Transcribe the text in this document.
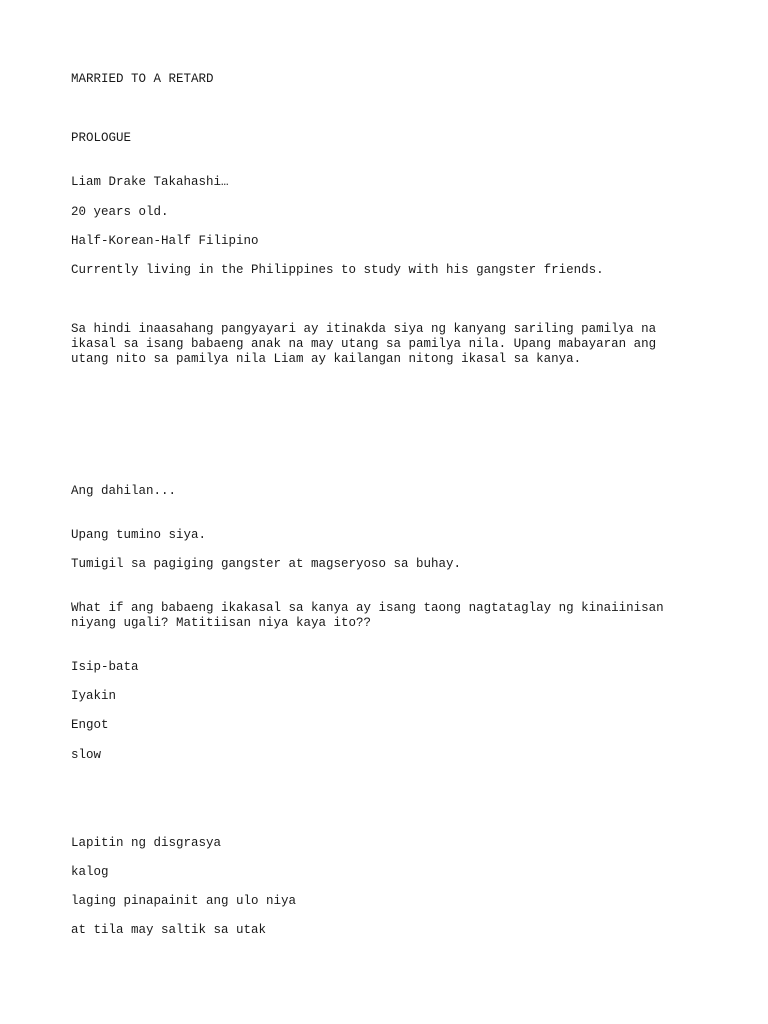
MARRIED TO A RETARD

PROLOGUE

Liam Drake Takahashi…

20 years old.

Half-Korean-Half Filipino

Currently living in the Philippines to study with his gangster friends.

Sa hindi inaasahang pangyayari ay itinakda siya ng kanyang sariling pamilya na

ikasal sa isang babaeng anak na may utang sa pamilya nila. Upang mabayaran ang

utang nito sa pamilya nila Liam ay kailangan nitong ikasal sa kanya.

Ang dahilan...

Upang tumino siya.

Tumigil sa pagiging gangster at magseryoso sa buhay.

What if ang babaeng ikakasal sa kanya ay isang taong nagtataglay ng kinaiinisan

niyang ugali? Matitiisan niya kaya ito??

Isip-bata

Iyakin

Engot

slow

Lapitin ng disgrasya

kalog

laging pinapainit ang ulo niya

at tila may saltik sa utak
